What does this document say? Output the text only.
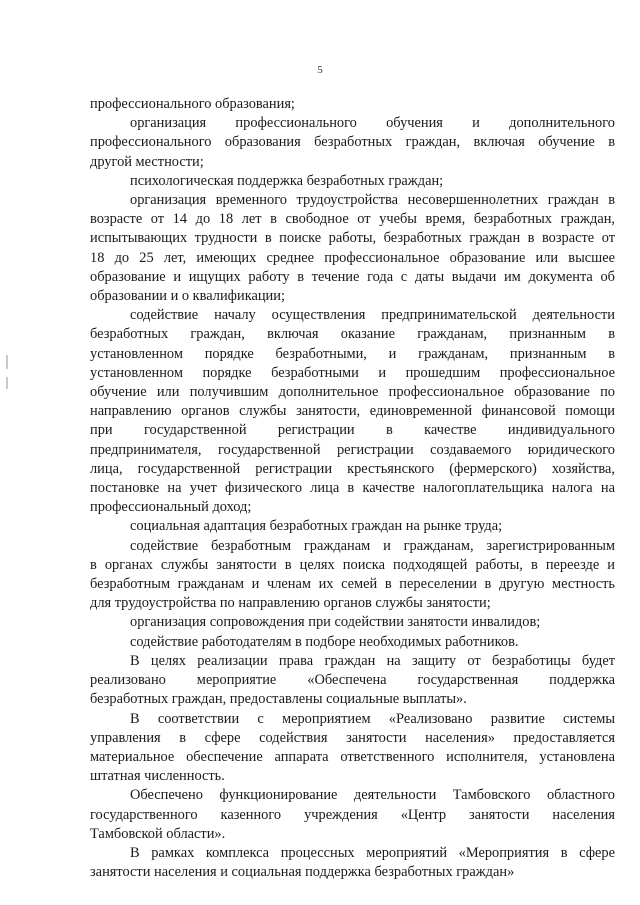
5
профессионального образования;
организация профессионального обучения и дополнительного
профессионального образования безработных граждан, включая обучение в
другой местности;
психологическая поддержка безработных граждан;
организация временного трудоустройства несовершеннолетних граждан в
возрасте от 14 до 18 лет в свободное от учебы время, безработных граждан,
испытывающих трудности в поиске работы, безработных граждан в возрасте от
18 до 25 лет, имеющих среднее профессиональное образование или высшее
образование и ищущих работу в течение года с даты выдачи им документа об
образовании и о квалификации;
содействие началу осуществления предпринимательской деятельности
безработных граждан, включая оказание гражданам, признанным в
установленном порядке безработными, и гражданам, признанным в
установленном порядке безработными и прошедшим профессиональное
обучение или получившим дополнительное профессиональное образование по
направлению органов службы занятости, единовременной финансовой помощи
при государственной регистрации в качестве индивидуального
предпринимателя, государственной регистрации создаваемого юридического
лица, государственной регистрации крестьянского (фермерского) хозяйства,
постановке на учет физического лица в качестве налогоплательщика налога на
профессиональный доход;
социальная адаптация безработных граждан на рынке труда;
содействие безработным гражданам и гражданам, зарегистрированным
в органах службы занятости в целях поиска подходящей работы, в переезде и
безработным гражданам и членам их семей в переселении в другую местность
для трудоустройства по направлению органов службы занятости;
организация сопровождения при содействии занятости инвалидов;
содействие работодателям в подборе необходимых работников.
В целях реализации права граждан на защиту от безработицы будет
реализовано мероприятие «Обеспечена государственная поддержка
безработных граждан, предоставлены социальные выплаты».
В соответствии с мероприятием «Реализовано развитие системы
управления в сфере содействия занятости населения» предоставляется
материальное обеспечение аппарата ответственного исполнителя, установлена
штатная численность.
Обеспечено функционирование деятельности Тамбовского областного
государственного казенного учреждения «Центр занятости населения
Тамбовской области».
В рамках комплекса процессных мероприятий «Мероприятия в сфере
занятости населения и социальная поддержка безработных граждан»
